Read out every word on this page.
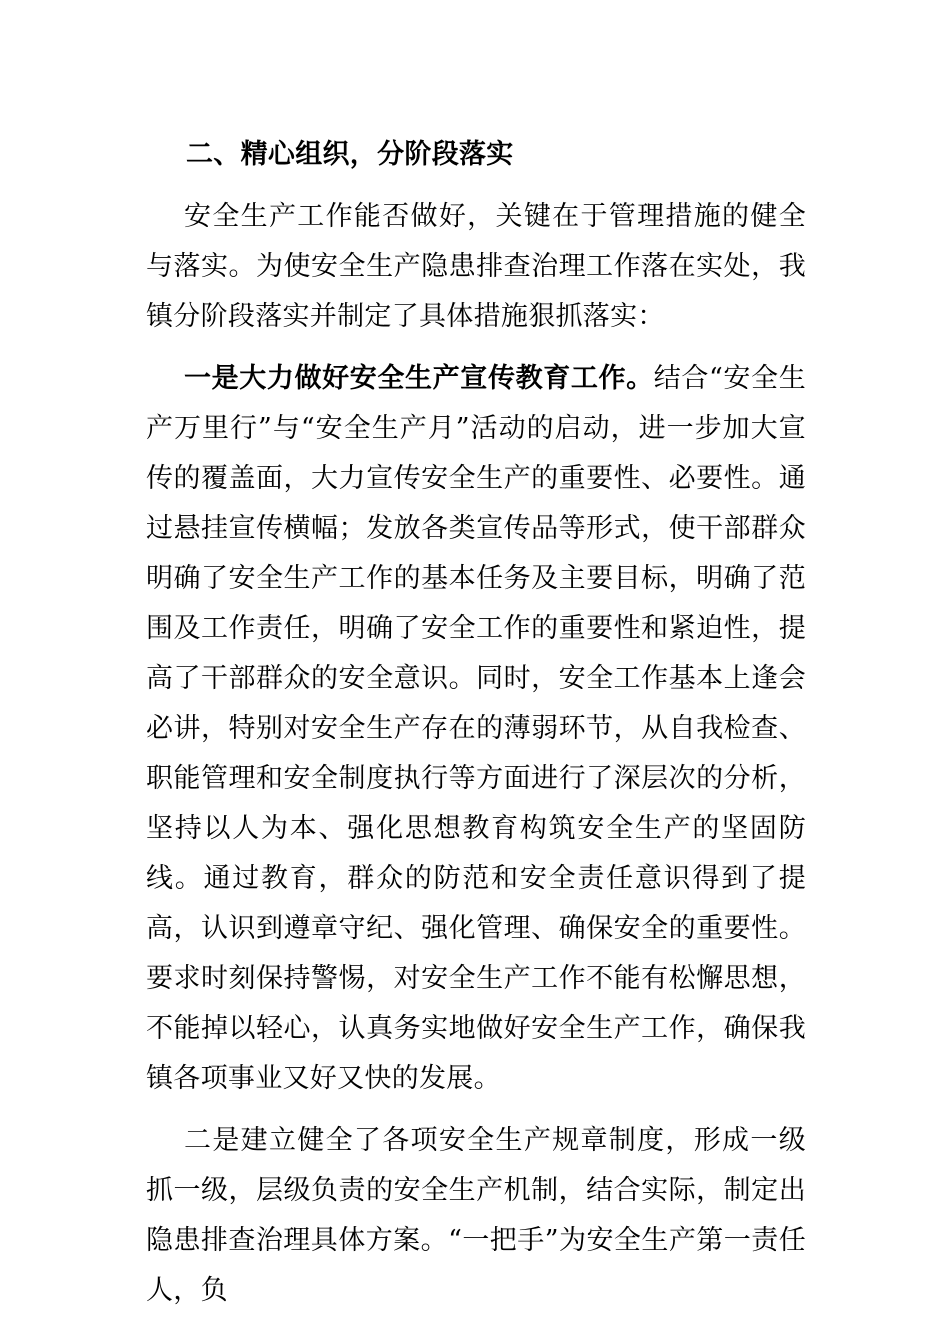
二、精心组织，分阶段落实

安全生产工作能否做好，关键在于管理措施的健全与落实。为使安全生产隐患排查治理工作落在实处，我镇分阶段落实并制定了具体措施狠抓落实：

一是大力做好安全生产宣传教育工作。结合“安全生产万里行”与“安全生产月”活动的启动，进一步加大宣传的覆盖面，大力宣传安全生产的重要性、必要性。通过悬挂宣传横幅；发放各类宣传品等形式，使干部群众明确了安全生产工作的基本任务及主要目标，明确了范围及工作责任，明确了安全工作的重要性和紧迫性，提高了干部群众的安全意识。同时，安全工作基本上逢会必讲，特别对安全生产存在的薄弱环节，从自我检查、职能管理和安全制度执行等方面进行了深层次的分析，坚持以人为本、强化思想教育构筑安全生产的坚固防线。通过教育，群众的防范和安全责任意识得到了提高，认识到遵章守纪、强化管理、确保安全的重要性。要求时刻保持警惕，对安全生产工作不能有松懈思想，不能掉以轻心，认真务实地做好安全生产工作，确保我镇各项事业又好又快的发展。

二是建立健全了各项安全生产规章制度，形成一级抓一级，层级负责的安全生产机制，结合实际，制定出隐患排查治理具体方案。“一把手”为安全生产第一责任人，负
